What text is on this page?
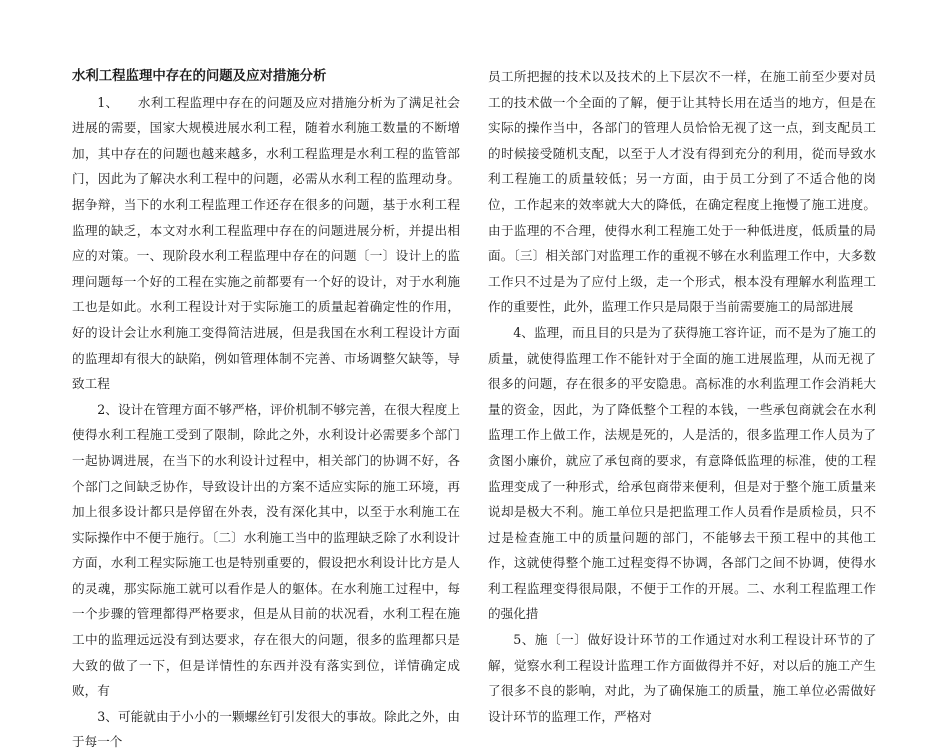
水利工程监理中存在的问题及应对措施分析

1、　　水利工程监理中存在的问题及应对措施分析为了满足社会进展的需要，国家大规模进展水利工程，随着水利施工数量的不断增加，其中存在的问题也越来越多，水利工程监理是水利工程的监管部门，因此为了解决水利工程中的问题，必需从水利工程的监理动身。据争辩，当下的水利工程监理工作还存在很多的问题，基于水利工程监理的缺乏，本文对水利工程监理中存在的问题进展分析，并提出相应的对策。一、现阶段水利工程监理中存在的问题〔一〕设计上的监理问题每一个好的工程在实施之前都要有一个好的设计，对于水利施工也是如此。水利工程设计对于实际施工的质量起着确定性的作用，好的设计会让水利施工变得简洁进展，但是我国在水利工程设计方面的监理却有很大的缺陷，例如管理体制不完善、市场调整欠缺等，导致工程

2、设计在管理方面不够严格，评价机制不够完善，在很大程度上使得水利工程施工受到了限制，除此之外，水利设计必需要多个部门一起协调进展，在当下的水利设计过程中，相关部门的协调不好，各个部门之间缺乏协作，导致设计出的方案不适应实际的施工环境，再加上很多设计都只是停留在外表，没有深化其中，以至于水利施工在实际操作中不便于施行。〔二〕水利施工当中的监理缺乏除了水利设计方面，水利工程实际施工也是特别重要的，假设把水利设计比方是人的灵魂，那实际施工就可以看作是人的躯体。在水利施工过程中，每一个步骤的管理都得严格要求，但是从目前的状况看，水利工程在施工中的监理远远没有到达要求，存在很大的问题，很多的监理都只是大致的做了一下，但是详情性的东西并没有落实到位，详情确定成败，有

3、可能就由于小小的一颗螺丝钉引发很大的事故。除此之外，由于每一个

员工所把握的技术以及技术的上下层次不一样，在施工前至少要对员工的技术做一个全面的了解，便于让其特长用在适当的地方，但是在实际的操作当中，各部门的管理人员恰恰无视了这一点，到支配员工的时候接受随机支配，以至于人才没有得到充分的利用，從而导致水利工程施工的质量较低；另一方面，由于员工分到了不适合他的岗位，工作起来的效率就大大的降低，在确定程度上拖慢了施工进度。由于监理的不合理，使得水利工程施工处于一种低进度，低质量的局面。〔三〕相关部门对监理工作的重视不够在水利监理工作中，大多数工作只不过是为了应付上级，走一个形式，根本没有理解水利监理工作的重要性，此外，监理工作只是局限于当前需要施工的局部进展

4、监理，而且目的只是为了获得施工容许证，而不是为了施工的质量，就使得监理工作不能针对于全面的施工进展监理，从而无视了很多的问题，存在很多的平安隐患。高标准的水利监理工作会消耗大量的资金，因此，为了降低整个工程的本钱，一些承包商就会在水利监理工作上做工作，法规是死的，人是活的，很多监理工作人员为了贪图小廉价，就应了承包商的要求，有意降低监理的标准，使的工程监理变成了一种形式，给承包商带来便利，但是对于整个施工质量来说却是极大不利。施工单位只是把监理工作人员看作是质检员，只不过是检查施工中的质量问题的部门，不能够去干预工程中的其他工作，这就使得整个施工过程变得不协调，各部门之间不协调，使得水利工程监理变得很局限，不便于工作的开展。二、水利工程监理工作的强化措

5、施〔一〕做好设计环节的工作通过对水利工程设计环节的了解，觉察水利工程设计监理工作方面做得并不好，对以后的施工产生了很多不良的影响，对此，为了确保施工的质量，施工单位必需做好设计环节的监理工作，严格对
